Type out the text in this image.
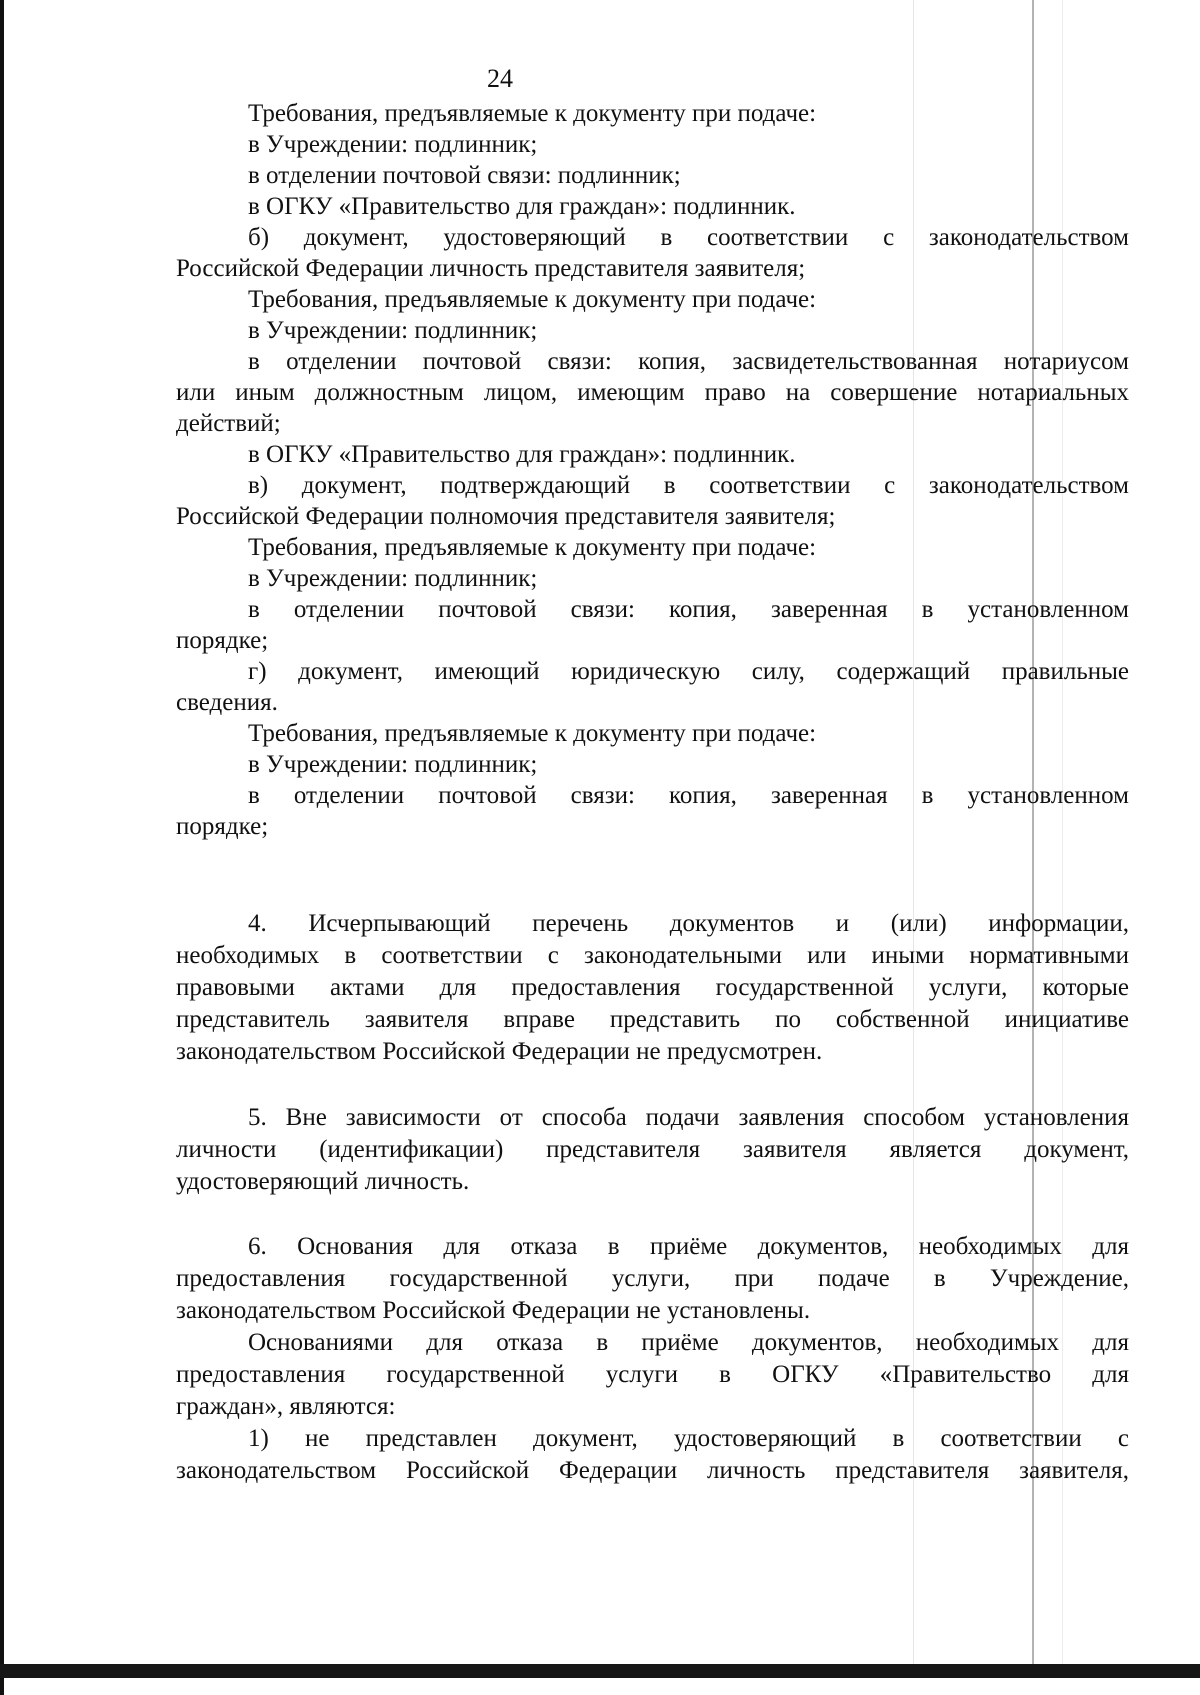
24
Требования, предъявляемые к документу при подаче:
в Учреждении: подлинник;
в отделении почтовой связи: подлинник;
в ОГКУ «Правительство для граждан»: подлинник.
б) документ, удостоверяющий в соответствии с законодательством
Российской Федерации личность представителя заявителя;
Требования, предъявляемые к документу при подаче:
в Учреждении: подлинник;
в отделении почтовой связи: копия, засвидетельствованная нотариусом
или иным должностным лицом, имеющим право на совершение нотариальных
действий;
в ОГКУ «Правительство для граждан»: подлинник.
в) документ, подтверждающий в соответствии с законодательством
Российской Федерации полномочия представителя заявителя;
Требования, предъявляемые к документу при подаче:
в Учреждении: подлинник;
в отделении почтовой связи: копия, заверенная в установленном
порядке;
г) документ, имеющий юридическую силу, содержащий правильные
сведения.
Требования, предъявляемые к документу при подаче:
в Учреждении: подлинник;
в отделении почтовой связи: копия, заверенная в установленном
порядке;
4. Исчерпывающий перечень документов и (или) информации,
необходимых в соответствии с законодательными или иными нормативными
правовыми актами для предоставления государственной услуги, которые
представитель заявителя вправе представить по собственной инициативе
законодательством Российской Федерации не предусмотрен.
5. Вне зависимости от способа подачи заявления способом установления
личности (идентификации) представителя заявителя является документ,
удостоверяющий личность.
6. Основания для отказа в приёме документов, необходимых для
предоставления государственной услуги, при подаче в Учреждение,
законодательством Российской Федерации не установлены.
Основаниями для отказа в приёме документов, необходимых для
предоставления государственной услуги в ОГКУ «Правительство для
граждан», являются:
1) не представлен документ, удостоверяющий в соответствии с
законодательством Российской Федерации личность представителя заявителя,
